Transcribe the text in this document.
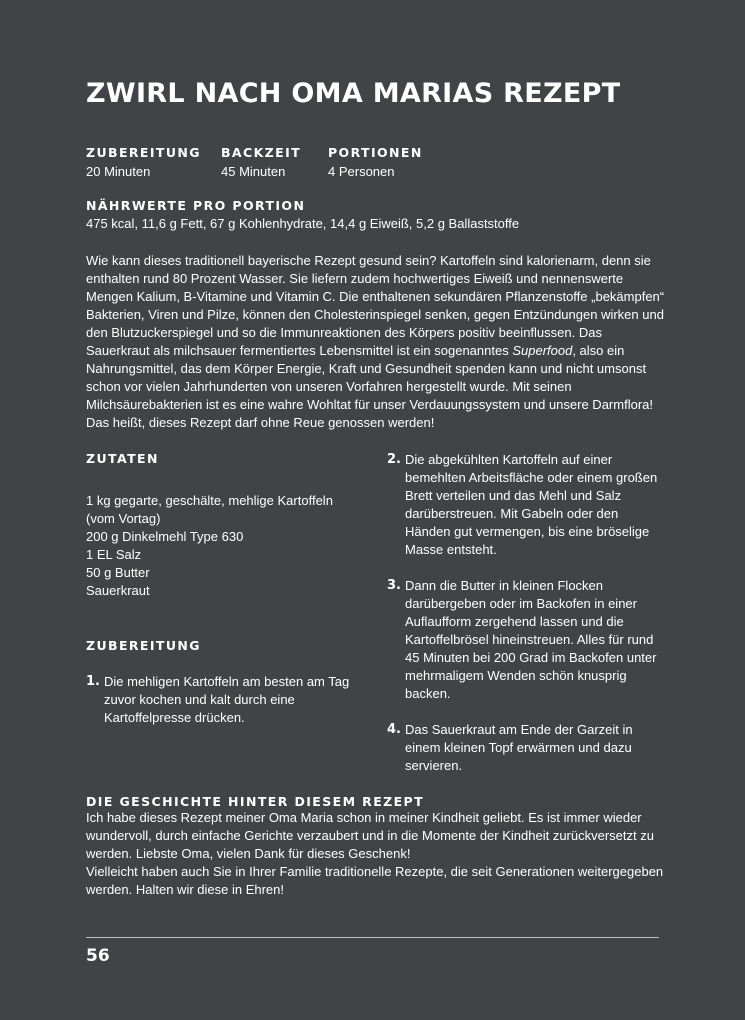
ZWIRL NACH OMA MARIAS REZEPT
ZUBEREITUNG
20 Minuten
BACKZEIT
45 Minuten
PORTIONEN
4 Personen
NÄHRWERTE PRO PORTION
475 kcal, 11,6 g Fett, 67 g Kohlenhydrate, 14,4 g Eiweiß, 5,2 g Ballaststoffe

Wie kann dieses traditionell bayerische Rezept gesund sein? Kartoffeln sind kalorienarm, denn sie enthalten rund 80 Prozent Wasser. Sie liefern zudem hochwertiges Eiweiß und nennenswerte Mengen Kalium, B-Vitamine und Vitamin C. Die enthaltenen sekundären Pflanzenstoffe „bekämpfen“ Bakterien, Viren und Pilze, können den Cholesterinspiegel senken, gegen Entzündungen wirken und den Blutzuckerspiegel und so die Immunreaktionen des Körpers positiv beeinflussen. Das Sauerkraut als milchsauer fermentiertes Lebensmittel ist ein sogenanntes Superfood, also ein Nahrungsmittel, das dem Körper Energie, Kraft und Gesundheit spenden kann und nicht umsonst schon vor vielen Jahrhunderten von unseren Vorfahren hergestellt wurde. Mit seinen Milchsäurebakterien ist es eine wahre Wohltat für unser Verdauungssystem und unsere Darmflora! Das heißt, dieses Rezept darf ohne Reue genossen werden!

ZUTATEN
1 kg gegarte, geschälte, mehlige Kartoffeln
(vom Vortag)
200 g Dinkelmehl Type 630
1 EL Salz
50 g Butter
Sauerkraut
ZUBEREITUNG
1. Die mehligen Kartoffeln am besten am Tag zuvor kochen und kalt durch eine Kartoffelpresse drücken.
2. Die abgekühlten Kartoffeln auf einer bemehlten Arbeitsfläche oder einem großen Brett verteilen und das Mehl und Salz darüberstreuen. Mit Gabeln oder den Händen gut vermengen, bis eine bröselige Masse entsteht.
3. Dann die Butter in kleinen Flocken darübergeben oder im Backofen in einer Auflaufform zergehend lassen und die Kartoffelbrösel hineinstreuen. Alles für rund 45 Minuten bei 200 Grad im Backofen unter mehrmaligem Wenden schön knusprig backen.
4. Das Sauerkraut am Ende der Garzeit in einem kleinen Topf erwärmen und dazu servieren.
DIE GESCHICHTE HINTER DIESEM REZEPT

Ich habe dieses Rezept meiner Oma Maria schon in meiner Kindheit geliebt. Es ist immer wieder wundervoll, durch einfache Gerichte verzaubert und in die Momente der Kindheit zurückversetzt zu werden. Liebste Oma, vielen Dank für dieses Geschenk!

Vielleicht haben auch Sie in Ihrer Familie traditionelle Rezepte, die seit Generationen weitergegeben werden. Halten wir diese in Ehren!

56
